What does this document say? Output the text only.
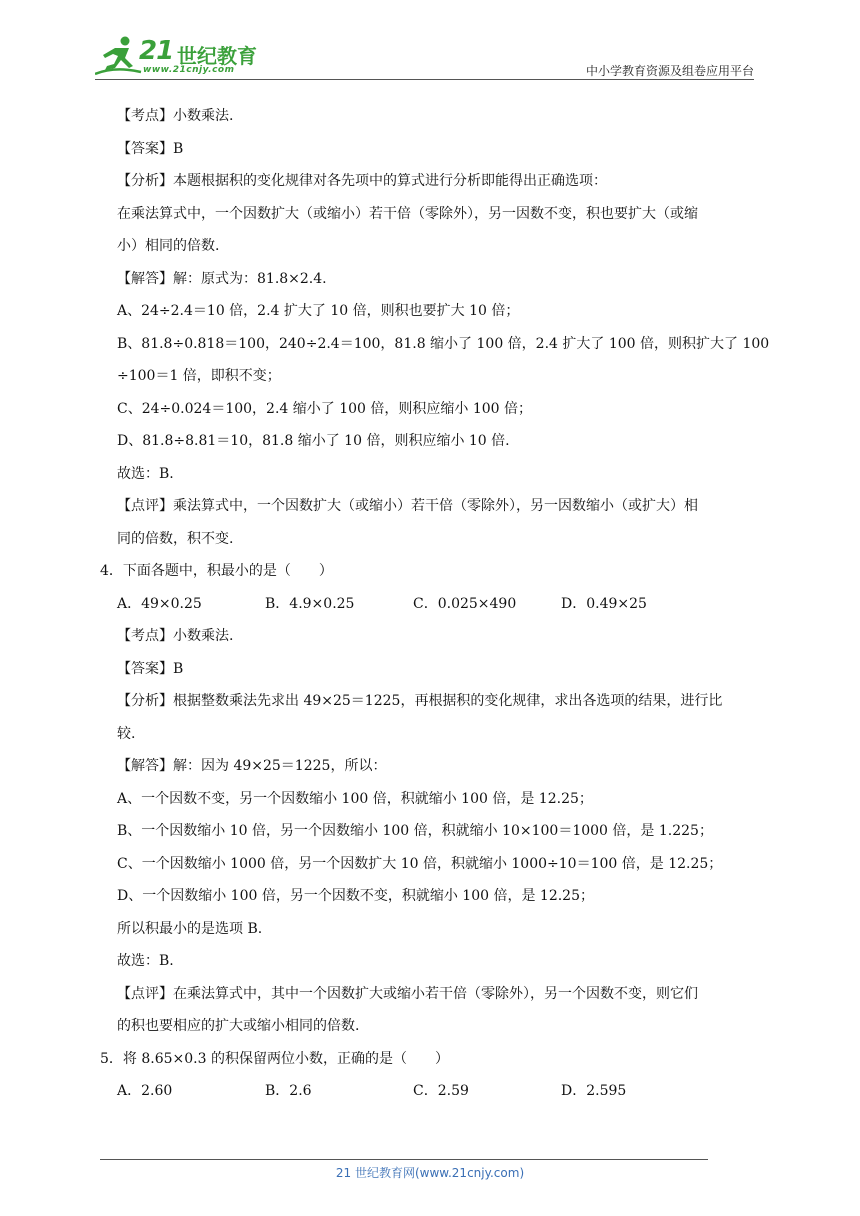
21 世纪教育
www.21cnjy.com	中小学教育资源及组卷应用平台

【考点】小数乘法.

【答案】B

【分析】本题根据积的变化规律对各先项中的算式进行分析即能得出正确选项：

在乘法算式中，一个因数扩大（或缩小）若干倍（零除外），另一因数不变，积也要扩大（或缩

小）相同的倍数.

【解答】解：原式为：81.8×2.4.

A、24÷2.4＝10 倍，2.4 扩大了 10 倍，则积也要扩大 10 倍；

B、81.8÷0.818＝100，240÷2.4＝100，81.8 缩小了 100 倍，2.4 扩大了 100 倍，则积扩大了 100

÷100＝1 倍，即积不变；

C、24÷0.024＝100，2.4 缩小了 100 倍，则积应缩小 100 倍；

D、81.8÷8.81＝10，81.8 缩小了 10 倍，则积应缩小 10 倍.

故选：B.

【点评】乘法算式中，一个因数扩大（或缩小）若干倍（零除外），另一因数缩小（或扩大）相

同的倍数，积不变.

4．下面各题中，积最小的是（　　）

A．49×0.25	B．4.9×0.25	C．0.025×490	D．0.49×25

【考点】小数乘法.

【答案】B

【分析】根据整数乘法先求出 49×25＝1225，再根据积的变化规律，求出各选项的结果，进行比

较.

【解答】解：因为 49×25＝1225，所以：

A、一个因数不变，另一个因数缩小 100 倍，积就缩小 100 倍，是 12.25；

B、一个因数缩小 10 倍，另一个因数缩小 100 倍，积就缩小 10×100＝1000 倍，是 1.225；

C、一个因数缩小 1000 倍，另一个因数扩大 10 倍，积就缩小 1000÷10＝100 倍，是 12.25；

D、一个因数缩小 100 倍，另一个因数不变，积就缩小 100 倍，是 12.25；

所以积最小的是选项 B.

故选：B.

【点评】在乘法算式中，其中一个因数扩大或缩小若干倍（零除外），另一个因数不变，则它们

的积也要相应的扩大或缩小相同的倍数.

5．将 8.65×0.3 的积保留两位小数，正确的是（　　）

A．2.60	B．2.6	C．2.59	D．2.595
21 世纪教育网(www.21cnjy.com)
